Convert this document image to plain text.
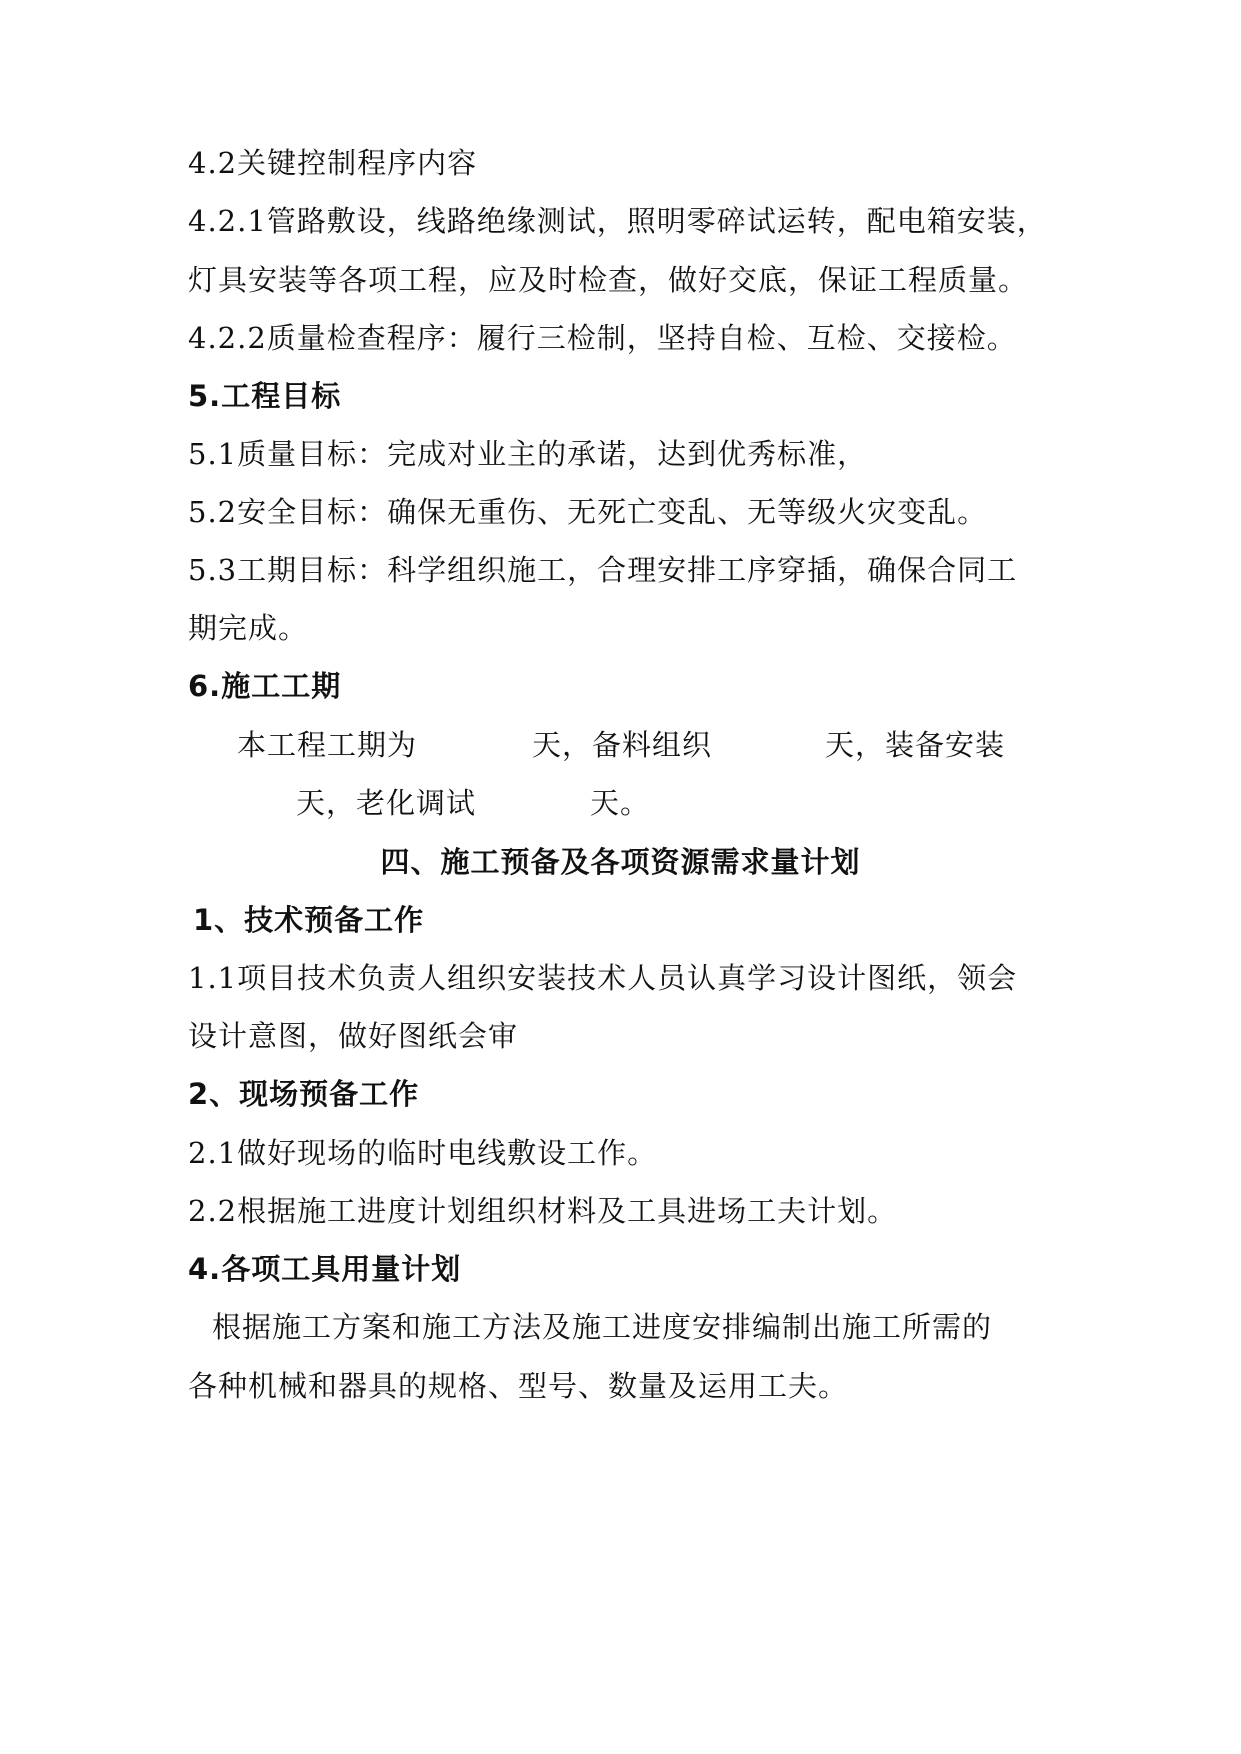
4.2关键控制程序内容
4.2.1管路敷设，线路绝缘测试，照明零碎试运转，配电箱安装，
灯具安装等各项工程，应及时检查，做好交底，保证工程质量。
4.2.2质量检查程序：履行三检制，坚持自检、互检、交接检。
5.工程目标
5.1质量目标：完成对业主的承诺，达到优秀标准，
5.2安全目标：确保无重伤、无死亡变乱、无等级火灾变乱。
5.3工期目标：科学组织施工，合理安排工序穿插，确保合同工
期完成。
6.施工工期
本工程工期为	天，备料组织	天，装备安装
天，老化调试	天。
四、施工预备及各项资源需求量计划
1、技术预备工作
1.1项目技术负责人组织安装技术人员认真学习设计图纸，领会
设计意图，做好图纸会审
2、现场预备工作
2.1做好现场的临时电线敷设工作。
2.2根据施工进度计划组织材料及工具进场工夫计划。
4.各项工具用量计划
根据施工方案和施工方法及施工进度安排编制出施工所需的
各种机械和器具的规格、型号、数量及运用工夫。
